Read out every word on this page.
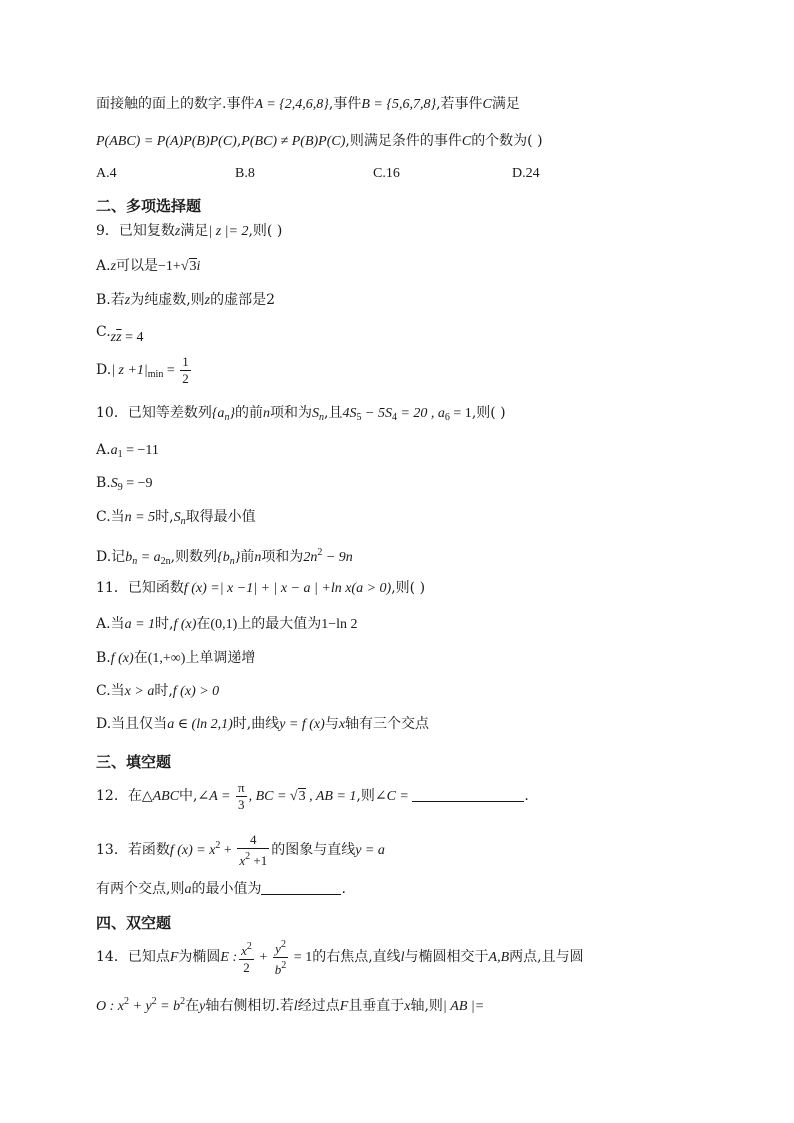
面接触的面上的数字.事件A = {2,4,6,8},事件B = {5,6,7,8},若事件C满足
P(ABC) = P(A)P(B)P(C),P(BC) ≠ P(B)P(C),则满足条件的事件C的个数为( )
A.4	B.8	C.16	D.24
二、多项选择题
9．已知复数z满足| z |= 2,则( )
A.z可以是−1+√3i
B.若z为纯虚数,则z的虚部是2
$C.z\overline{z} = 4$
D.| $z +1|_{min} = \frac{1}{2}$
10．已知等差数列$\{a_n\}$的前n项和为$S_n$,且$4S_5 - 5S_4 = 20$ , $a_6 = 1$,则( )
$A.a_1 = -11$
$B.S_9 = -9$
C.当n = 5时$,S_n$取得最小值
D.记$b_n = a_{2n}$,则数列$\{b_n\}$前n项和为$2n^2 - 9n$
11．已知函数f (x) =| x −1| + | x − a | +ln x(a > 0),则( )
A.当a = 1时,f (x)在(0,1)上的最大值为1−ln 2
B.f (x)在(1,+∞)上单调递增
C.当x > a时,f (x) > 0
D.当且仅当a ∈ (ln 2,1)时,曲线y = f (x)与x轴有三个交点
三、填空题
12．在△ABC中,∠A = $\frac{\pi}{3}$ , BC = √3 , AB = 1,则∠C =	.
13．若函数f $(x) = x^2 + \frac{4}{x^2 +1}$ 的图象与直线y = a
有两个交点,则a的最小值为	.
四、双空题
14．已知点F为椭圆E : $\frac{x^2}{2} + \frac{y^2}{b^2} = 1$的右焦点,直线l与椭圆相交于A,B两点,且与圆
O : $x^2 + y^2 = b^2$在y轴右侧相切.若l经过点F且垂直于x轴,则| AB |=
